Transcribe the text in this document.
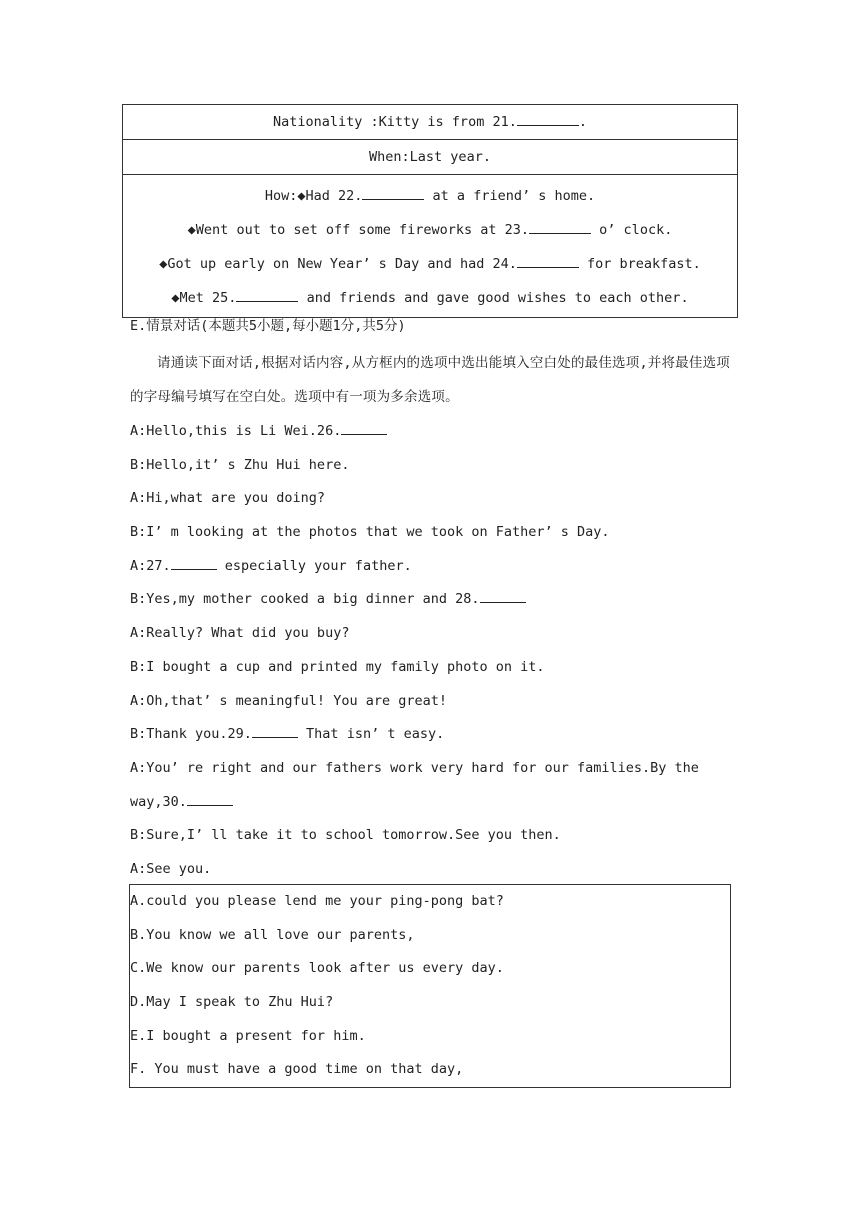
Nationality :Kitty is from 21.	.
When:Last year.
How:◆Had 22.	at a friend’ s home.
◆Went out to set off some fireworks at 23.	o’ clock.
◆Got up early on New Year’ s Day and had 24.	for breakfast.
◆Met 25.	and friends and gave good wishes to each other.
E.情景对话(本题共5小题,每小题1分,共5分)
请通读下面对话,根据对话内容,从方框内的选项中选出能填入空白处的最佳选项,并将最佳选项的字母编号填写在空白处。选项中有一项为多余选项。
A:Hello,this is Li Wei.26.
B:Hello,it’ s Zhu Hui here.
A:Hi,what are you doing?
B:I’ m looking at the photos that we took on Father’ s Day.
A:27.	especially your father.
B:Yes,my mother cooked a big dinner and 28.
A:Really? What did you buy?
B:I bought a cup and printed my family photo on it.
A:Oh,that’ s meaningful! You are great!
B:Thank you.29.	That isn’ t easy.
A:You’ re right and our fathers work very hard for our families.By the
way,30.
B:Sure,I’ ll take it to school tomorrow.See you then.
A:See you.
A.could you please lend me your ping-pong bat?
B.You know we all love our parents,
C.We know our parents look after us every day.
D.May I speak to Zhu Hui?
E.I bought a present for him.
F. You must have a good time on that day,
